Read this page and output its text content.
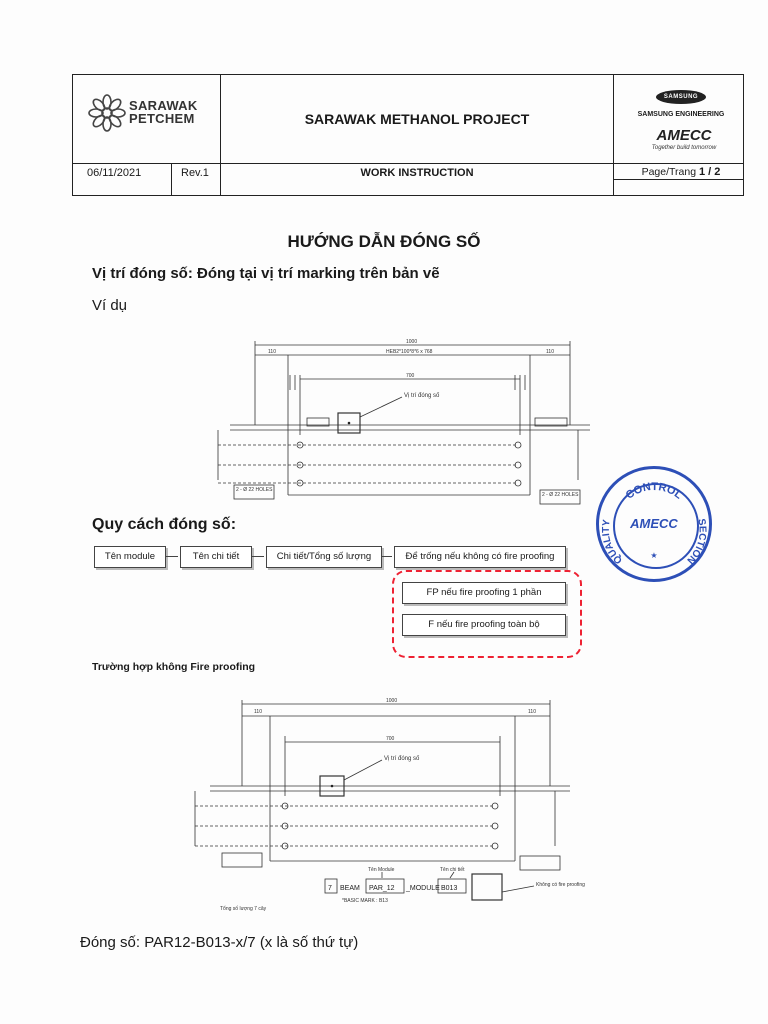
SARAWAK
PETCHEM	SARAWAK METHANOL PROJECT
06/11/2021	Rev.1	WORK INSTRUCTION
SAMSUNG
SAMSUNG ENGINEERING
AMECC
Together build tomorrow
Page/Trang 1 / 2
HƯỚNG DẪN ĐÓNG SỐ
Vị trí đóng số: Đóng tại vị trí marking trên bản vẽ
Ví dụ
1000
110	110
HEB2*100*8*6 x 768
700
2 - Ø 22 HOLES
2 - Ø 22 HOLES
Vị trí đóng số
Quy cách đóng số:
Tên module	Tên chi tiết	Chi tiết/Tổng số lượng	Để trống nếu không có fire proofing
FP nếu fire proofing 1 phần
F nếu fire proofing toàn bộ
CONTROL
QUALITY	SECTION
AMECC
★
Trường hợp không Fire proofing
1000
110	110
700
Tên Module	Tên chi tiết
*BASIC MARK : B13
Tổng số lượng 7 cây
Không có fire proofing
Vị trí đóng số
7 BEAM PAR_12 _MODULE B013
Đóng số: PAR12-B013-x/7 (x là số thứ tự)
